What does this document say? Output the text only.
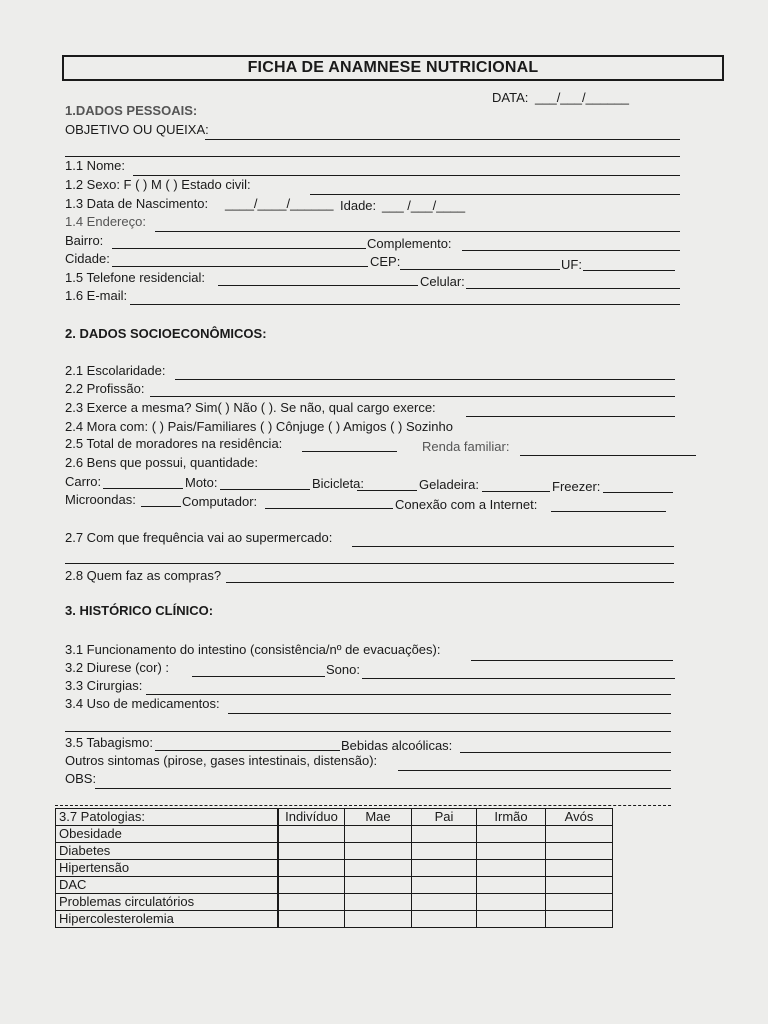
FICHA DE ANAMNESE NUTRICIONAL
DATA: ___/___/______
1.DADOS PESSOAIS:
OBJETIVO OU QUEIXA:
1.1 Nome:
1.2 Sexo: F ( ) M ( ) Estado civil:
1.3 Data de Nascimento: ____/____/______ Idade: ___ /___/____
1.4 Endereço:
Bairro:	Complemento:
Cidade:	CEP:	UF:
1.5 Telefone residencial:	Celular:
1.6 E-mail:
2. DADOS SOCIOECONÔMICOS:
2.1 Escolaridade:
2.2 Profissão:
2.3 Exerce a mesma? Sim( ) Não ( ). Se não, qual cargo exerce:
2.4 Mora com: ( ) Pais/Familiares ( ) Cônjuge ( ) Amigos ( ) Sozinho
2.5 Total de moradores na residência:	Renda familiar:
2.6 Bens que possui, quantidade:
Carro:	Moto:	Bicicleta:	Geladeira:	Freezer:
Microondas:	Computador:	Conexão com a Internet:
2.7 Com que frequência vai ao supermercado:
2.8 Quem faz as compras?
3. HISTÓRICO CLÍNICO:
3.1 Funcionamento do intestino (consistência/nº de evacuações):
3.2 Diurese (cor) :	Sono:
3.3 Cirurgias:
3.4 Uso de medicamentos:
3.5 Tabagismo:	Bebidas alcoólicas:
Outros sintomas (pirose, gases intestinais, distensão):
OBS:
3.7 Patologias:		Indivíduo	Mae	Pai	Irmão	Avós
Obesidade						
Diabetes						
Hipertensão						
DAC						
Problemas circulatórios						
Hipercolesterolemia						
